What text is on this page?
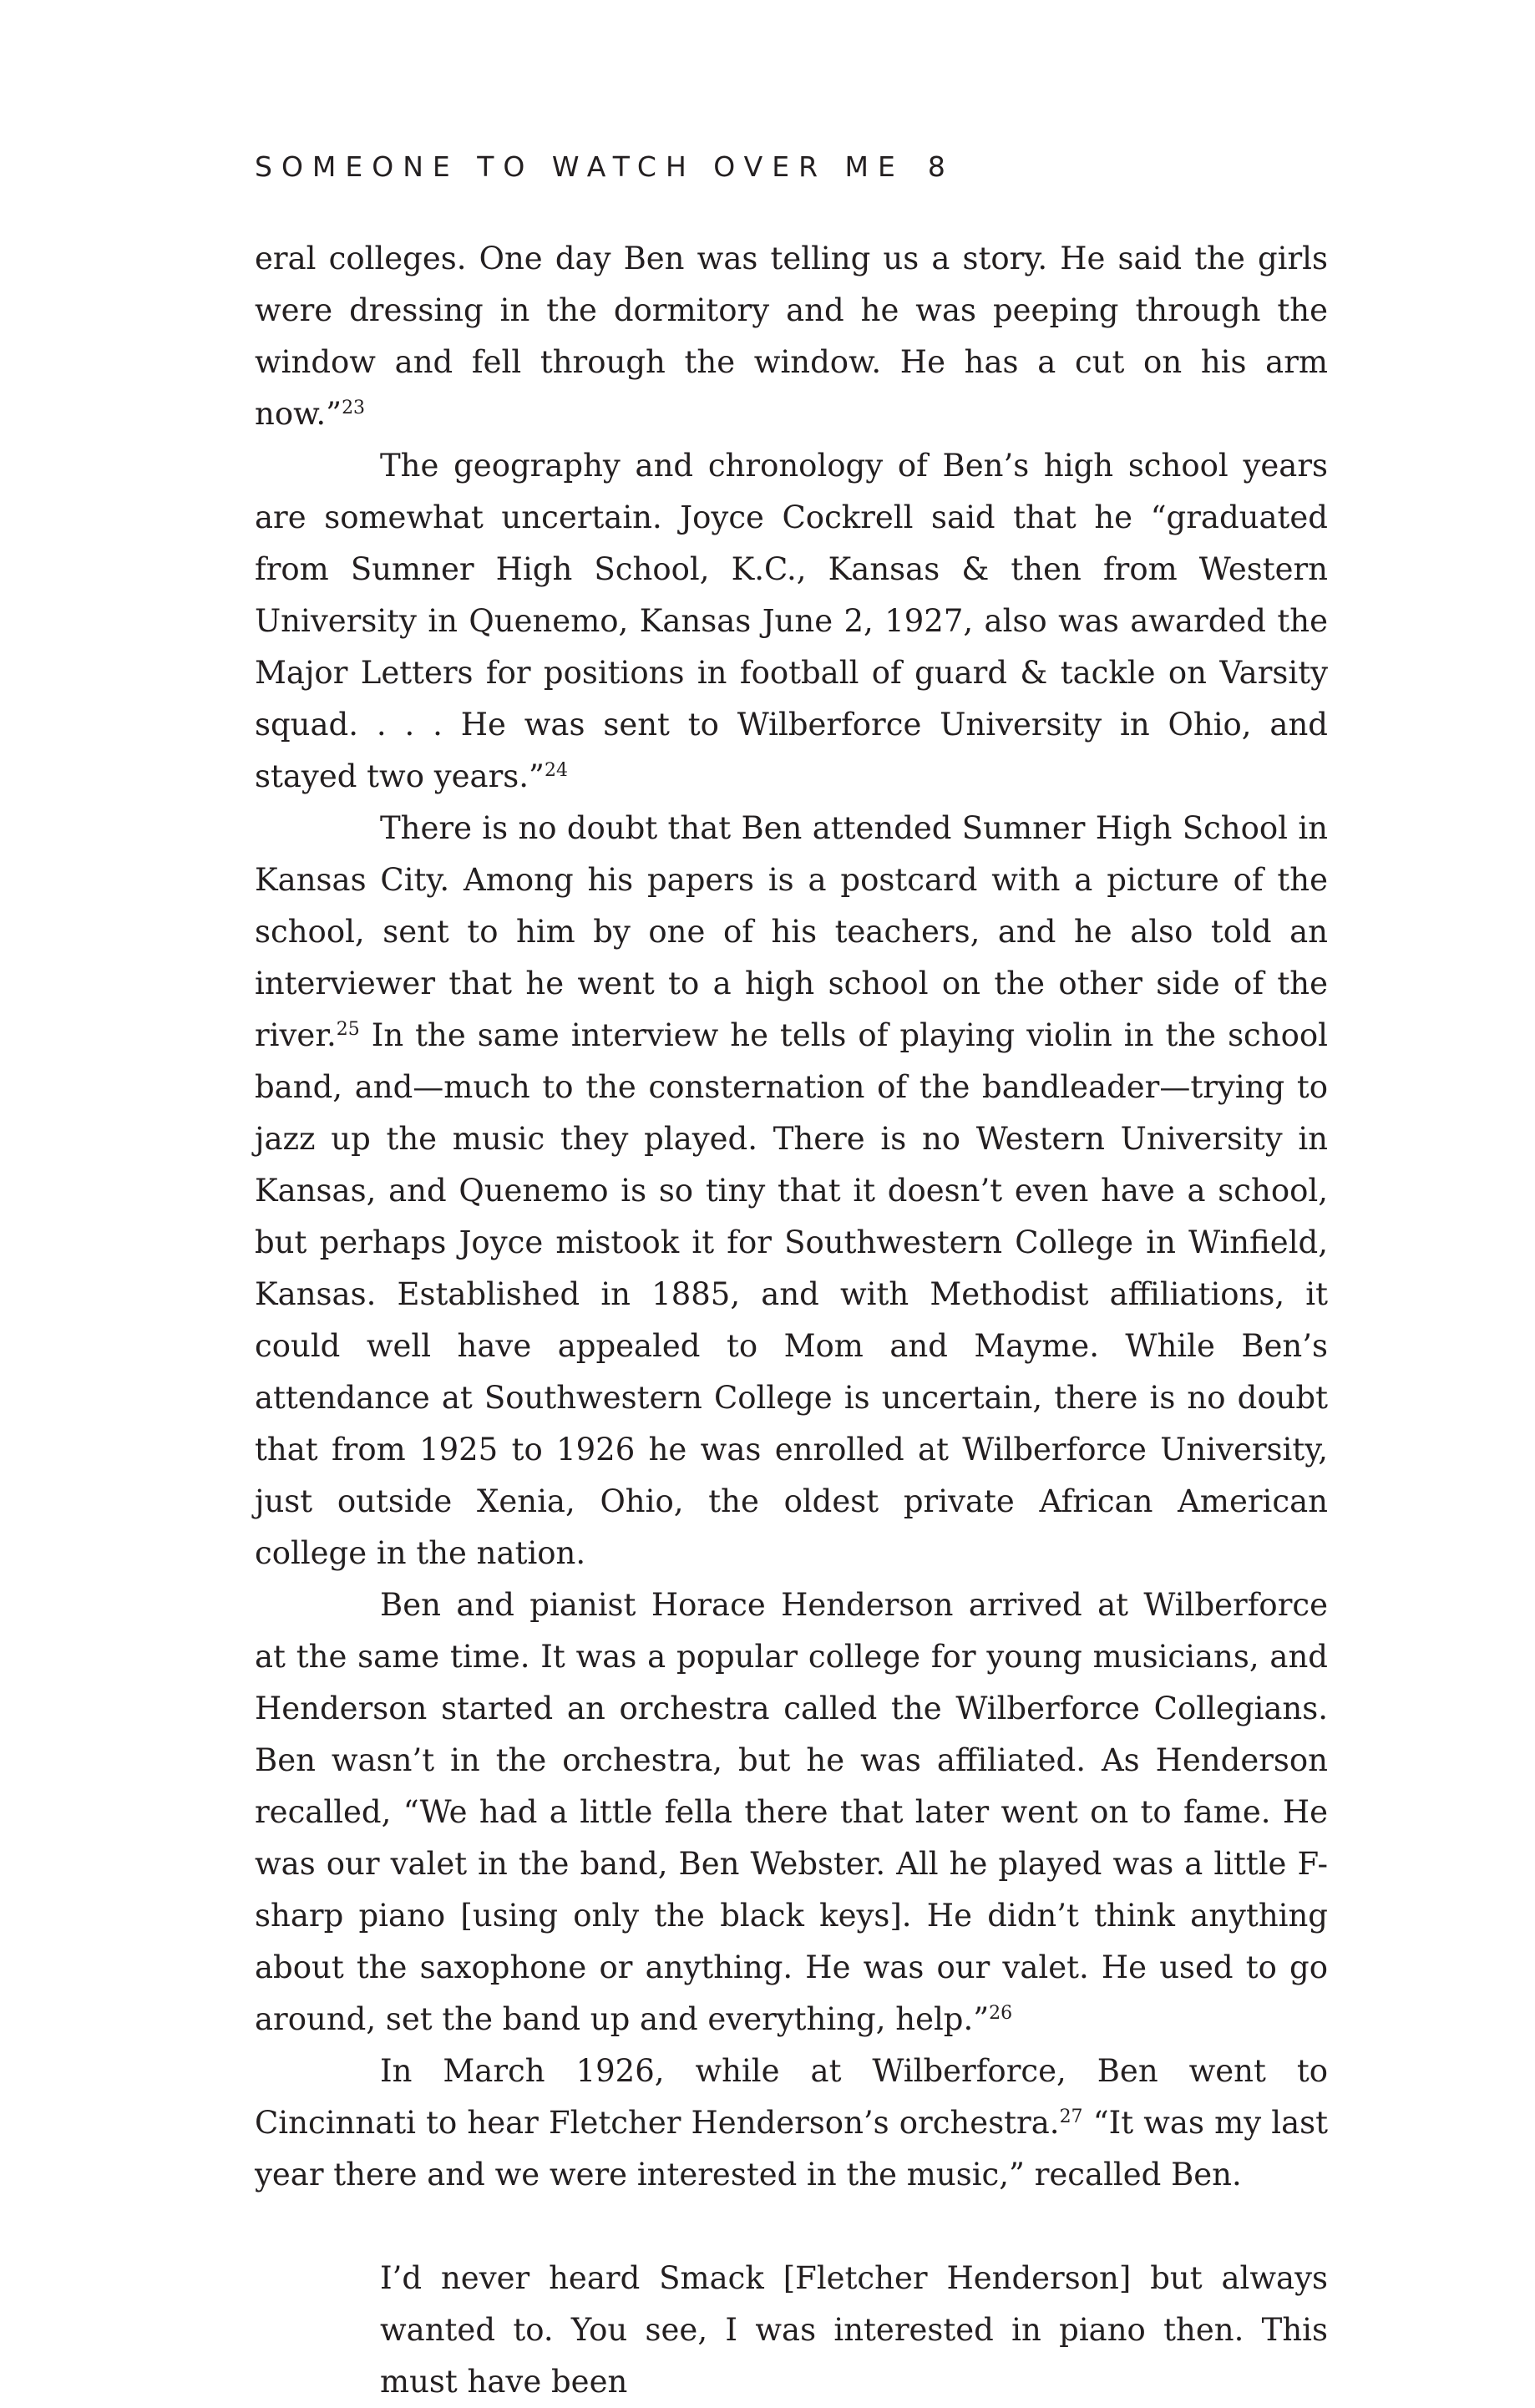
SOMEONE TO WATCH OVER ME 8

eral colleges. One day Ben was telling us a story. He said the girls were dressing in the dormitory and he was peeping through the window and fell through the window. He has a cut on his arm now.”$^{23}$

The geography and chronology of Ben’s high school years are somewhat uncertain. Joyce Cockrell said that he “graduated from Sumner High School, K.C., Kansas & then from Western University in Quenemo, Kansas June 2, 1927, also was awarded the Major Letters for positions in football of guard & tackle on Varsity squad. . . . He was sent to Wilberforce University in Ohio, and stayed two years.”$^{24}$

There is no doubt that Ben attended Sumner High School in Kansas City. Among his papers is a postcard with a picture of the school, sent to him by one of his teachers, and he also told an interviewer that he went to a high school on the other side of the river.$^{25}$ In the same interview he tells of playing violin in the school band, and—much to the consternation of the bandleader—trying to jazz up the music they played. There is no Western University in Kansas, and Quenemo is so tiny that it doesn’t even have a school, but perhaps Joyce mistook it for Southwestern College in Winfield, Kansas. Established in 1885, and with Methodist affiliations, it could well have appealed to Mom and Mayme. While Ben’s attendance at Southwestern College is uncertain, there is no doubt that from 1925 to 1926 he was enrolled at Wilberforce University, just outside Xenia, Ohio, the oldest private African American college in the nation.

Ben and pianist Horace Henderson arrived at Wilberforce at the same time. It was a popular college for young musicians, and Henderson started an orchestra called the Wilberforce Collegians. Ben wasn’t in the orchestra, but he was affiliated. As Henderson recalled, “We had a little fella there that later went on to fame. He was our valet in the band, Ben Webster. All he played was a little F-sharp piano [using only the black keys]. He didn’t think anything about the saxophone or anything. He was our valet. He used to go around, set the band up and everything, help.”$^{26}$

In March 1926, while at Wilberforce, Ben went to Cincinnati to hear Fletcher Henderson’s orchestra.$^{27}$ “It was my last year there and we were interested in the music,” recalled Ben.

I’d never heard Smack [Fletcher Henderson] but always wanted to. You see, I was interested in piano then. This must have been
